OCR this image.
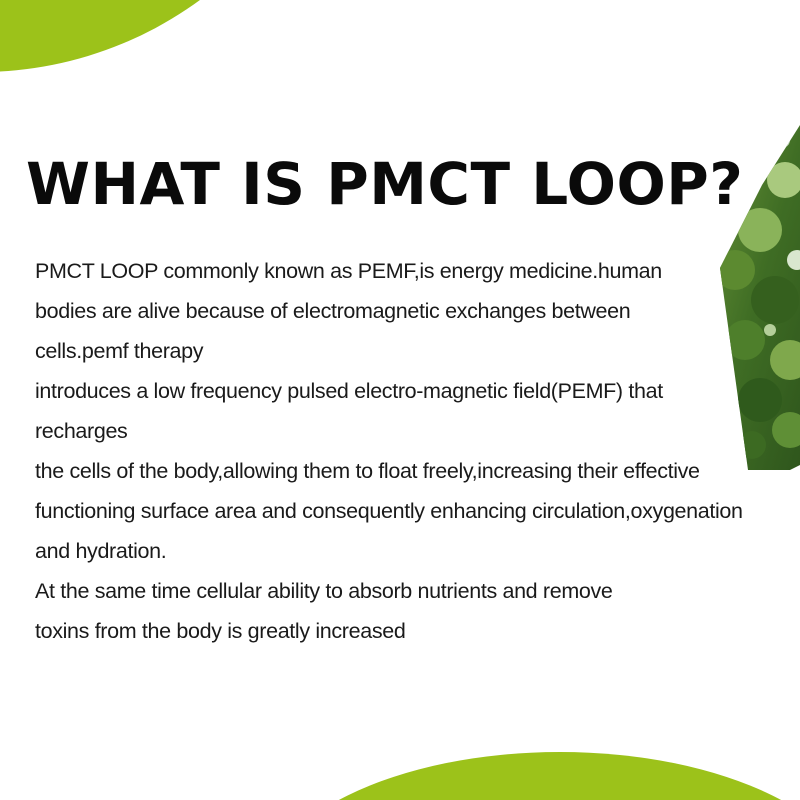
WHAT IS PMCT LOOP?
PMCT LOOP commonly known as PEMF,is energy medicine.human
bodies are alive because of electromagnetic exchanges between
cells.pemf therapy
introduces a low frequency pulsed electro-magnetic field(PEMF) that
recharges
the cells of the body,allowing them to float freely,increasing their effective
functioning surface area and consequently enhancing circulation,oxygenation
and hydration.
At the same time cellular ability to absorb nutrients and remove
toxins from the body is greatly increased
